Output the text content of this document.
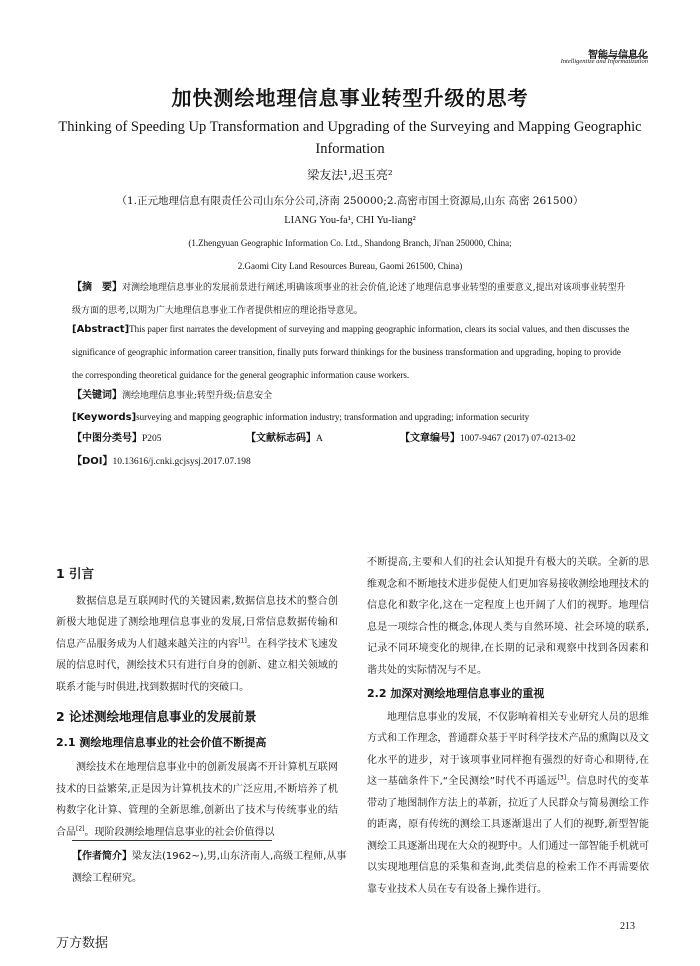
智能与信息化
Intelligentize and Informatization
加快测绘地理信息事业转型升级的思考
Thinking of Speeding Up Transformation and Upgrading of the Surveying and Mapping Geographic Information
梁友法¹,迟玉亮²
（1.正元地理信息有限责任公司山东分公司,济南 250000;2.高密市国土资源局,山东 高密 261500）
LIANG You-fa¹, CHI Yu-liang²
(1.Zhengyuan Geographic Information Co. Ltd., Shandong Branch, Ji'nan 250000, China;
2.Gaomi City Land Resources Bureau, Gaomi 261500, China)
【摘　要】对测绘地理信息事业的发展前景进行阐述,明确该项事业的社会价值,论述了地理信息事业转型的重要意义,提出对该项事业转型升级方面的思考,以期为广大地理信息事业工作者提供相应的理论指导意见。
[Abstract]This paper first narrates the development of surveying and mapping geographic information, clears its social values, and then discusses the significance of geographic information career transition, finally puts forward thinkings for the business transformation and upgrading, hoping to provide the corresponding theoretical guidance for the general geographic information cause workers.
【关键词】测绘地理信息事业;转型升级;信息安全
[Keywords]surveying and mapping geographic information industry; transformation and upgrading; information security
【中图分类号】P205	【文献标志码】A	【文章编号】1007-9467 (2017) 07-0213-02
【DOI】10.13616/j.cnki.gcjsysj.2017.07.198
1 引言

数据信息是互联网时代的关键因素,数据信息技术的整合创新极大地促进了测绘地理信息事业的发展,日常信息数据传输和信息产品服务成为人们越来越关注的内容[1]。在科学技术飞速发展的信息时代，测绘技术只有进行自身的创新、建立相关领域的联系才能与时俱进,找到数据时代的突破口。

2 论述测绘地理信息事业的发展前景
2.1 测绘地理信息事业的社会价值不断提高

测绘技术在地理信息事业中的创新发展离不开计算机互联网技术的日益繁荣,正是因为计算机技术的广泛应用,不断培养了机构数字化计算、管理的全新思维,创新出了技术与传统事业的结合品[2]。现阶段测绘地理信息事业的社会价值得以

不断提高,主要和人们的社会认知提升有极大的关联。全新的思维观念和不断地技术进步促使人们更加容易接收测绘地理技术的信息化和数字化,这在一定程度上也开阔了人们的视野。地理信息是一项综合性的概念,体现人类与自然环境、社会环境的联系,记录不同环境变化的规律,在长期的记录和观察中找到各因素和谐共处的实际情况与不足。

2.2 加深对测绘地理信息事业的重视

地理信息事业的发展，不仅影响着相关专业研究人员的思维方式和工作理念，普通群众基于平时科学技术产品的熏陶以及文化水平的进步，对于该项事业同样抱有强烈的好奇心和期待,在这一基础条件下,“全民测绘”时代不再遥远[3]。信息时代的变革带动了地图制作方法上的革新，拉近了人民群众与简易测绘工作的距离，原有传统的测绘工具逐渐退出了人们的视野,新型智能测绘工具逐渐出现在大众的视野中。人们通过一部智能手机就可以实现地理信息的采集和查询,此类信息的检索工作不再需要依靠专业技术人员在专有设备上操作进行。

【作者简介】梁友法(1962~),男,山东济南人,高级工程师,从事测绘工程研究。
213
万方数据
